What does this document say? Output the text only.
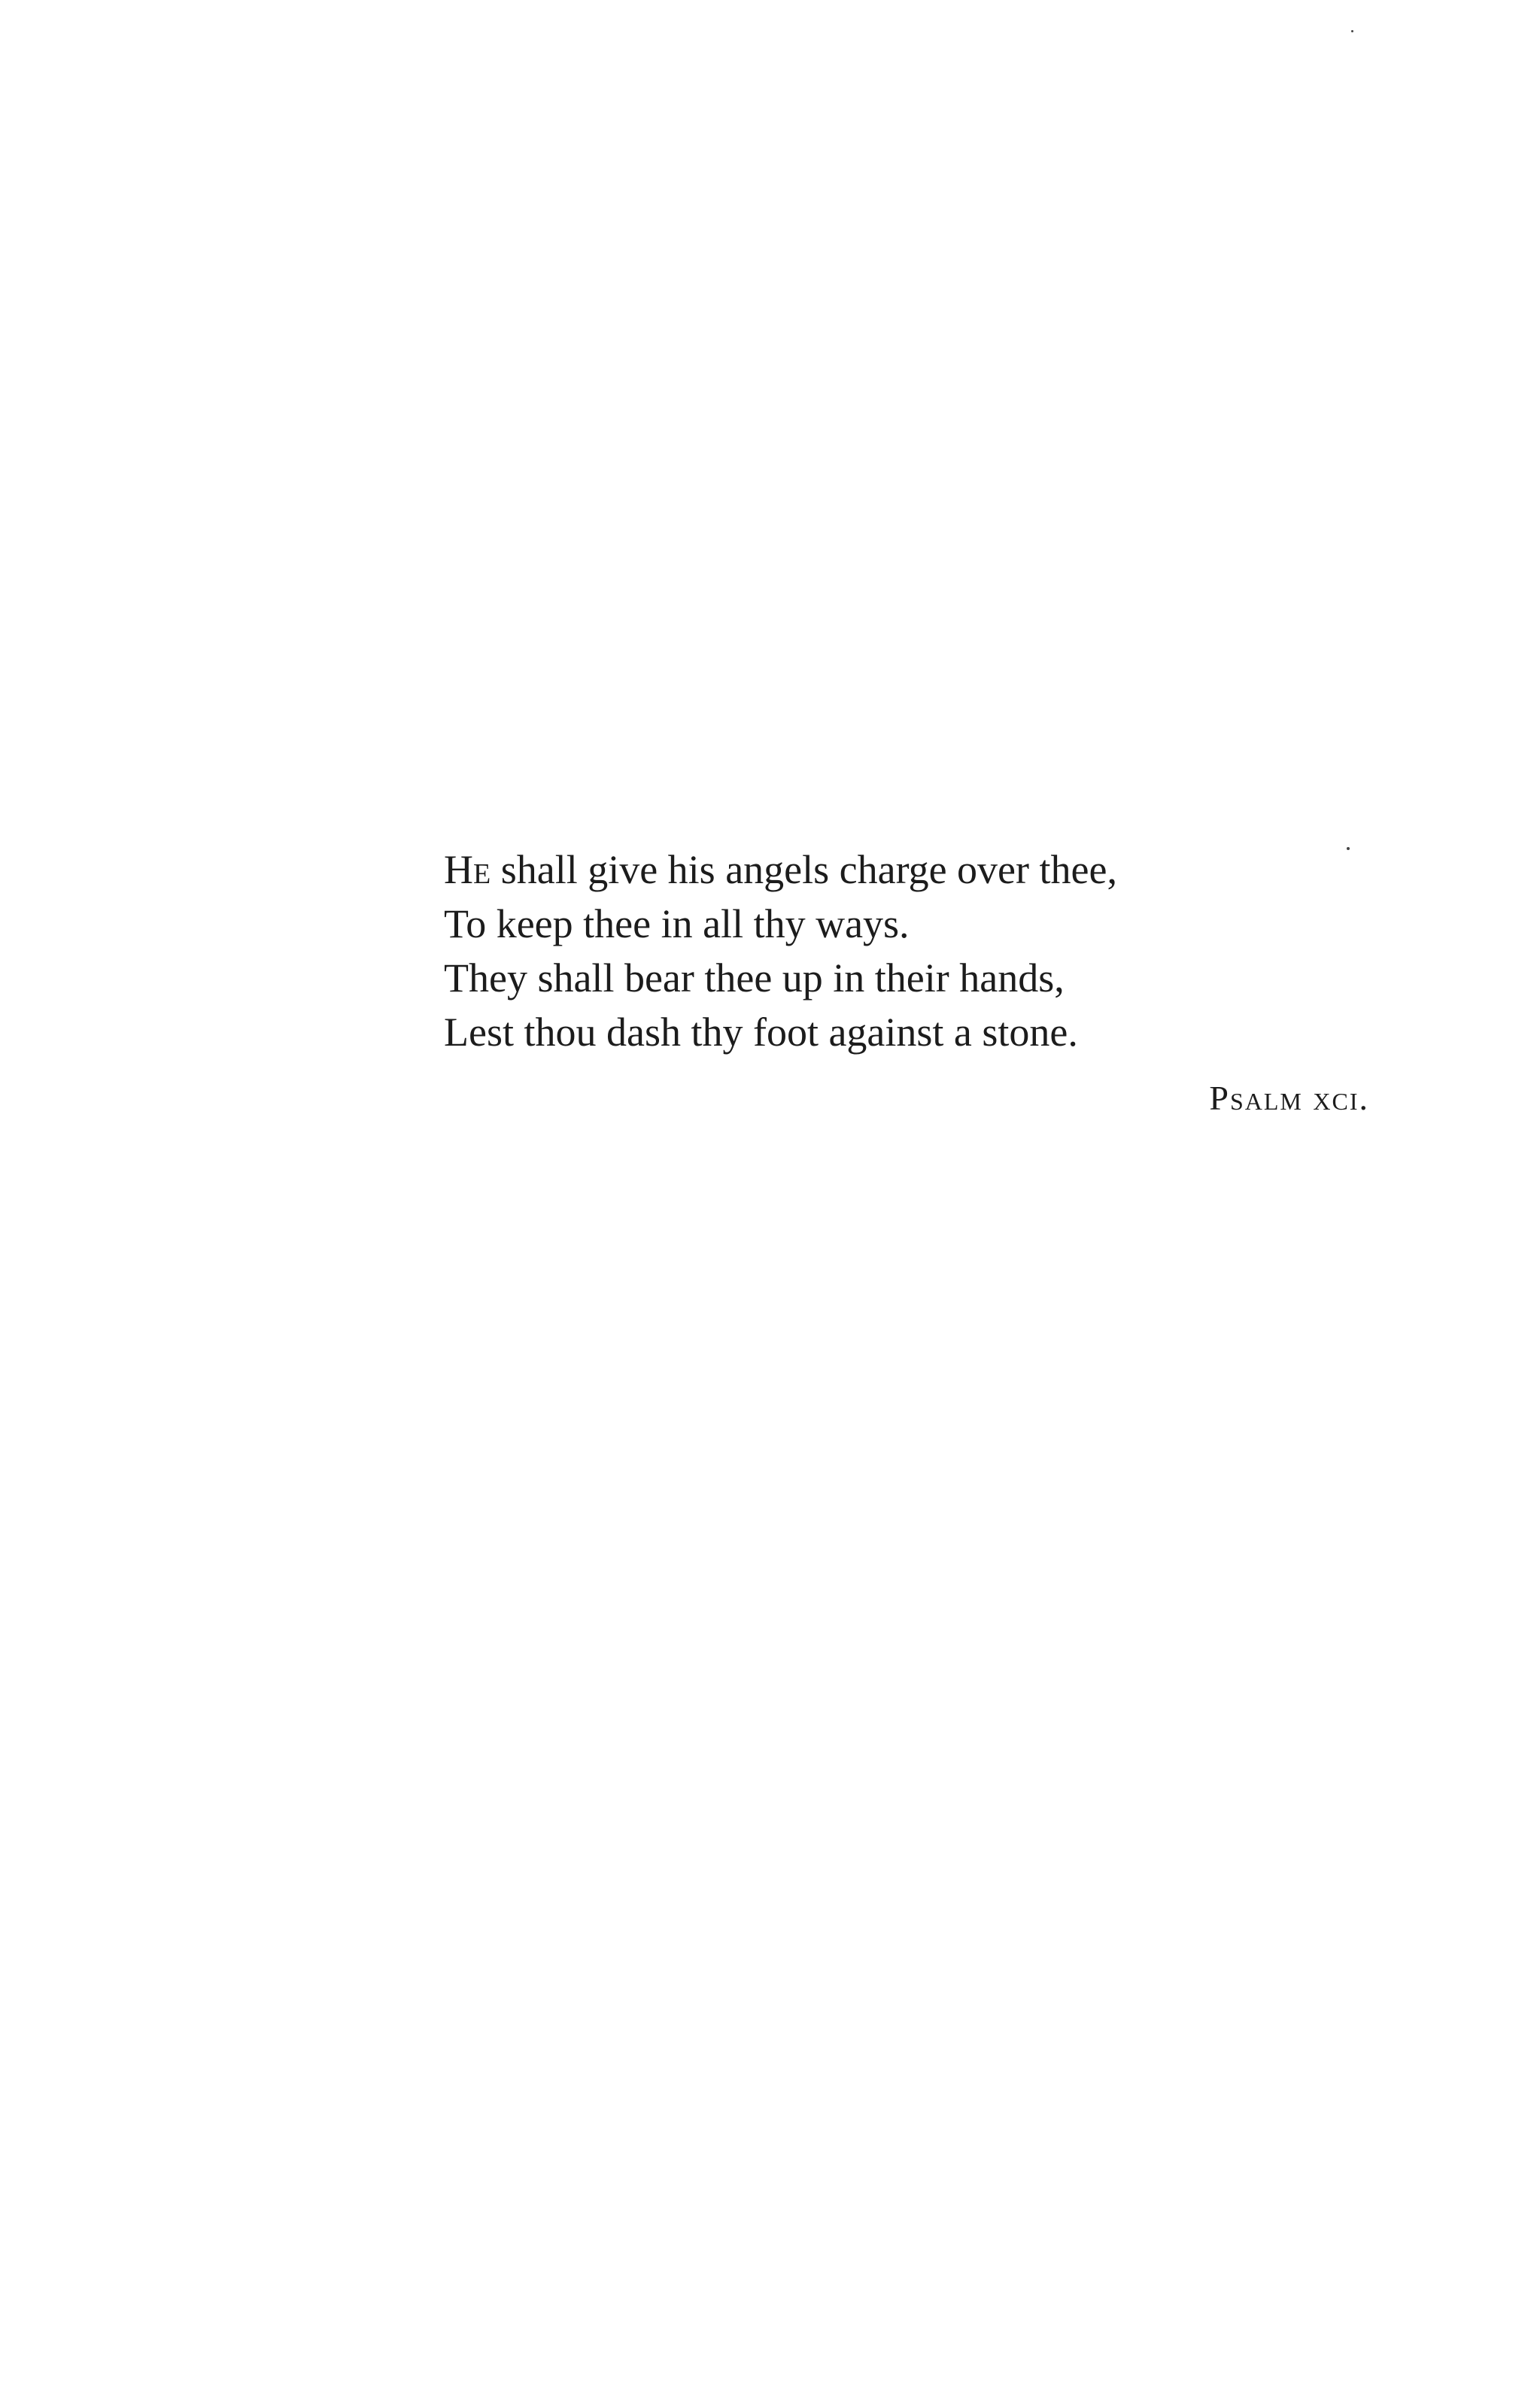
He shall give his angels charge over thee,
To keep thee in all thy ways.
They shall bear thee up in their hands,
Lest thou dash thy foot against a stone.
Psalm xci.
